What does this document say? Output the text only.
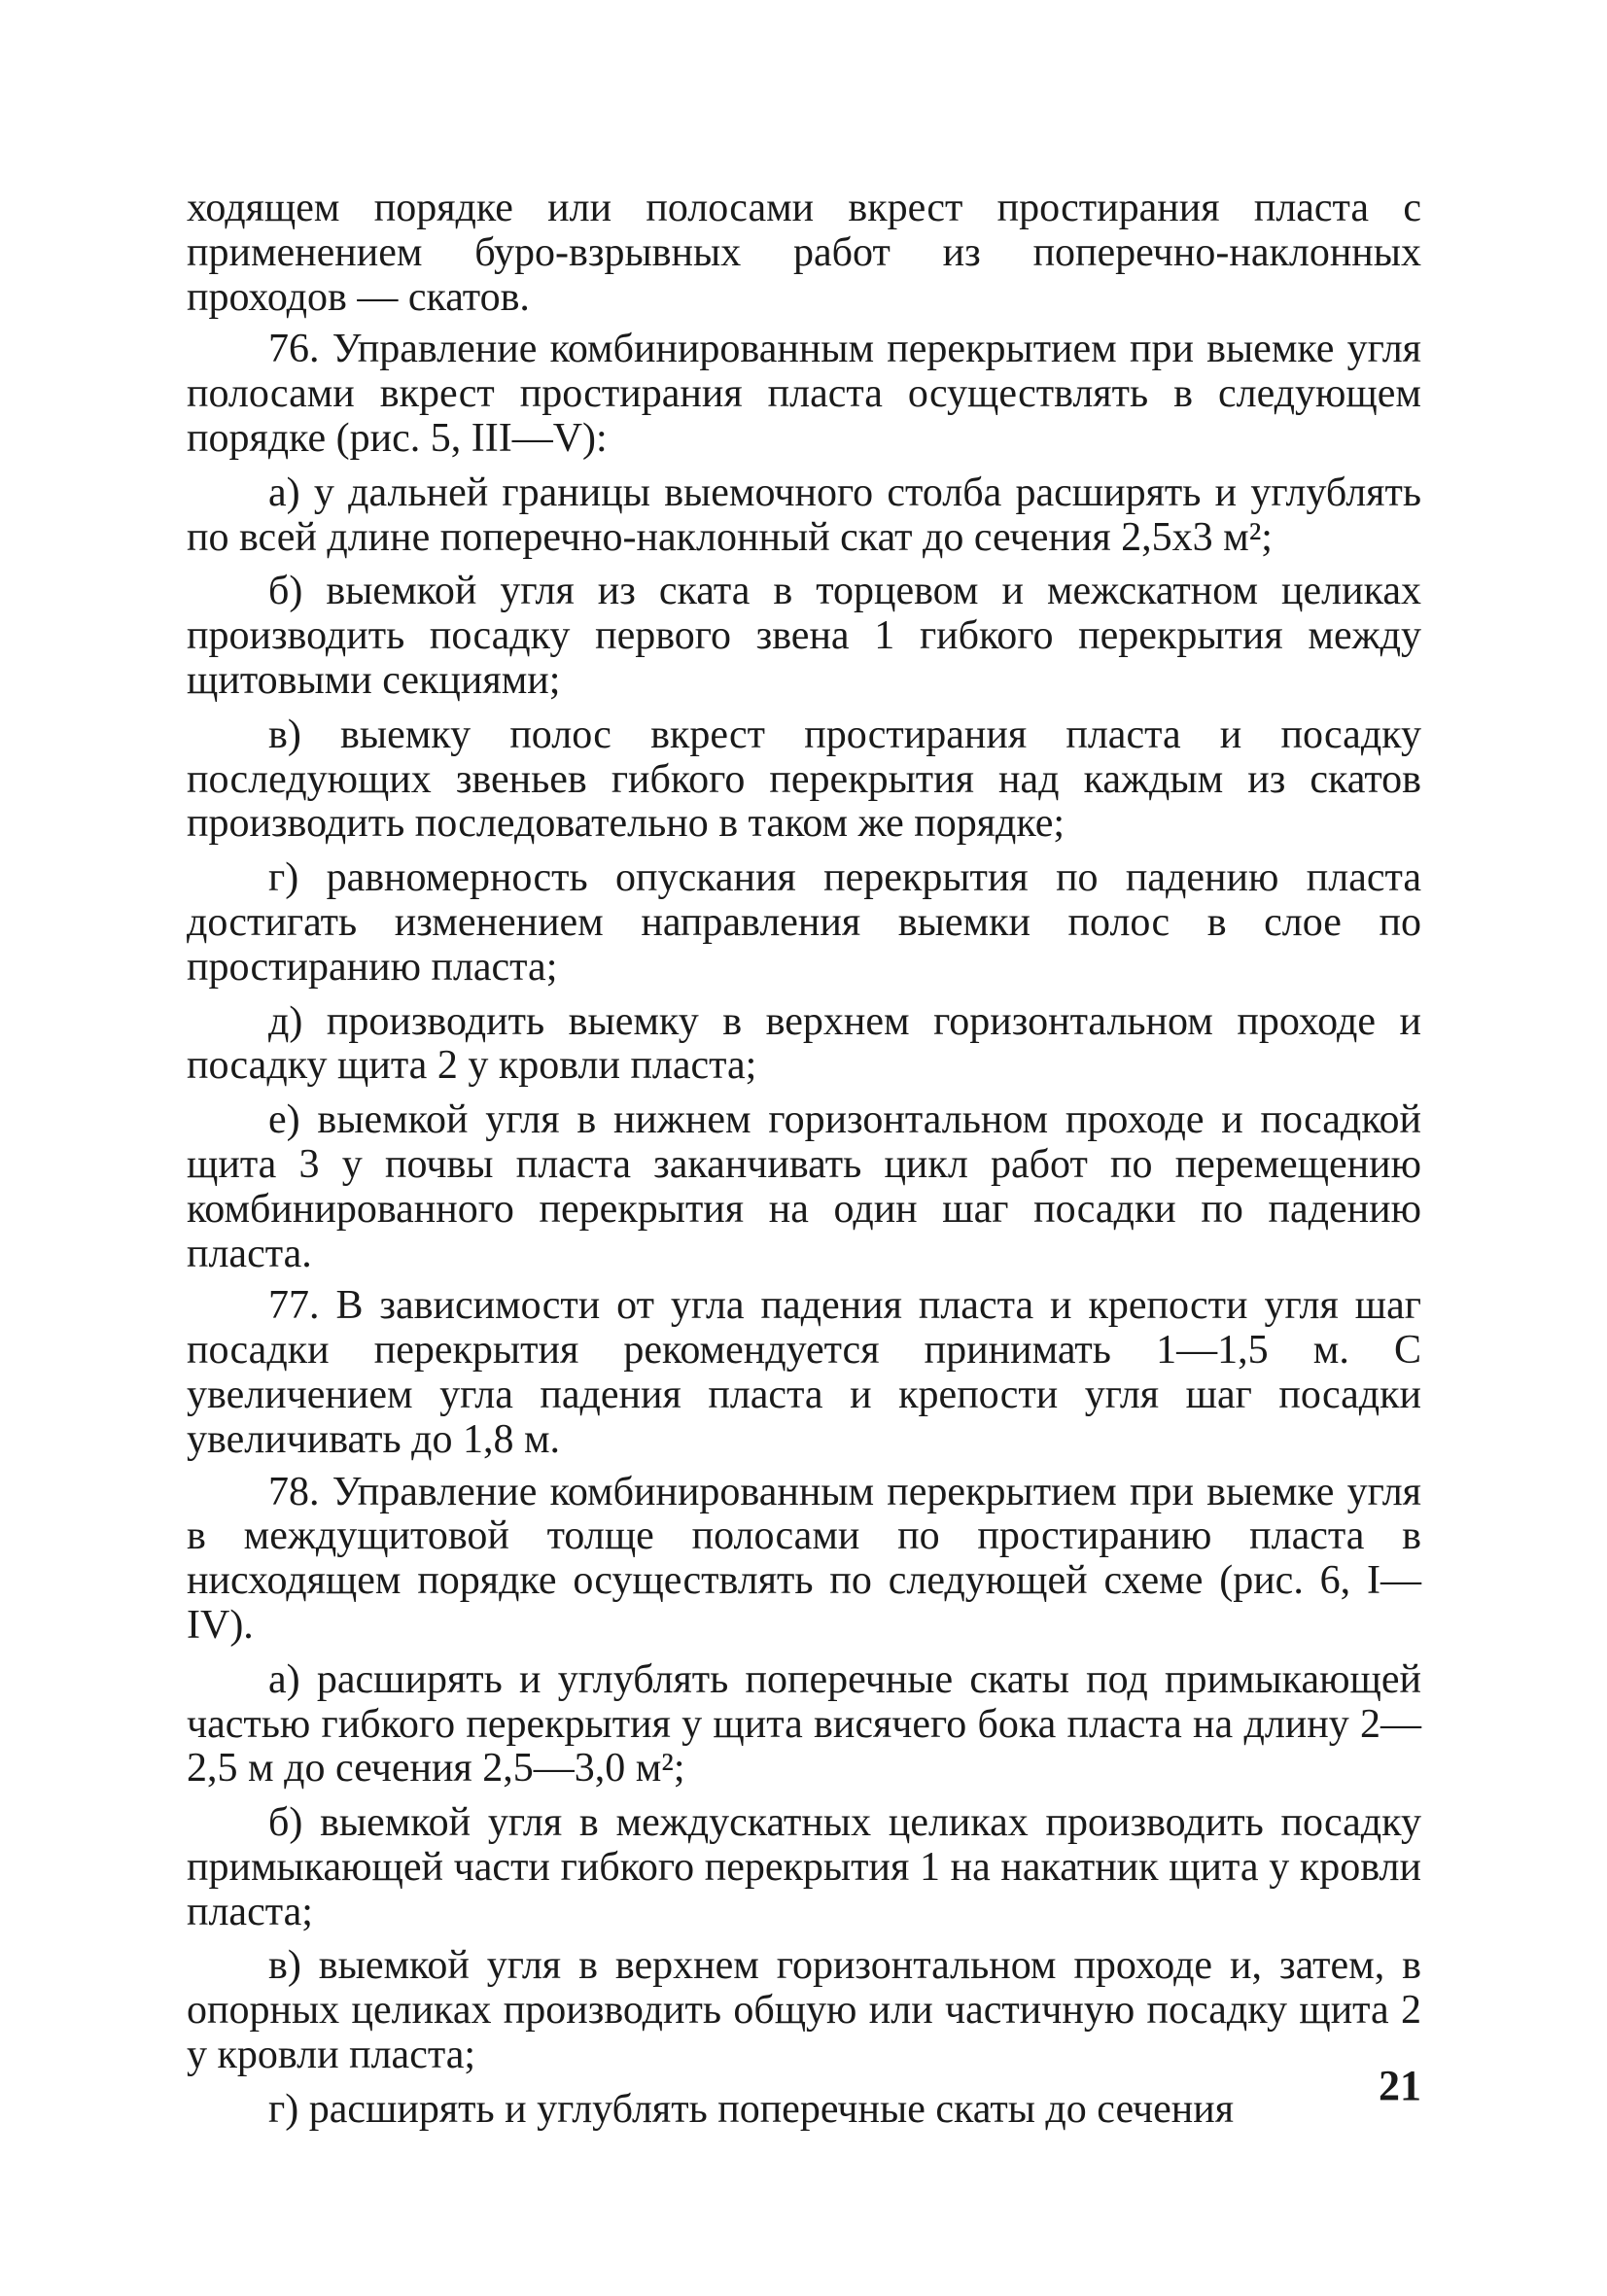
ходящем порядке или полосами вкрест простирания пласта с применением буро-взрывных работ из поперечно-наклонных проходов — скатов.

76. Управление комбинированным перекрытием при выемке угля полосами вкрест простирания пласта осуществлять в следующем порядке (рис. 5, III—V):

а) у дальней границы выемочного столба расширять и углублять по всей длине поперечно-наклонный скат до сечения 2,5х3 м²;

б) выемкой угля из ската в торцевом и межскатном целиках производить посадку первого звена 1 гибкого перекрытия между щитовыми секциями;

в) выемку полос вкрест простирания пласта и посадку последующих звеньев гибкого перекрытия над каждым из скатов производить последовательно в таком же порядке;

г) равномерность опускания перекрытия по падению пласта достигать изменением направления выемки полос в слое по простиранию пласта;

д) производить выемку в верхнем горизонтальном проходе и посадку щита 2 у кровли пласта;

е) выемкой угля в нижнем горизонтальном проходе и посадкой щита 3 у почвы пласта заканчивать цикл работ по перемещению комбинированного перекрытия на один шаг посадки по падению пласта.

77. В зависимости от угла падения пласта и крепости угля шаг посадки перекрытия рекомендуется принимать 1—1,5 м. С увеличением угла падения пласта и крепости угля шаг посадки увеличивать до 1,8 м.

78. Управление комбинированным перекрытием при выемке угля в междущитовой толще полосами по простиранию пласта в нисходящем порядке осуществлять по следующей схеме (рис. 6, I—IV).

а) расширять и углублять поперечные скаты под примыкающей частью гибкого перекрытия у щита висячего бока пласта на длину 2—2,5 м до сечения 2,5—3,0 м²;

б) выемкой угля в междускатных целиках производить посадку примыкающей части гибкого перекрытия 1 на накатник щита у кровли пласта;

в) выемкой угля в верхнем горизонтальном проходе и, затем, в опорных целиках производить общую или частичную посадку щита 2 у кровли пласта;

г) расширять и углублять поперечные скаты до сечения	21
